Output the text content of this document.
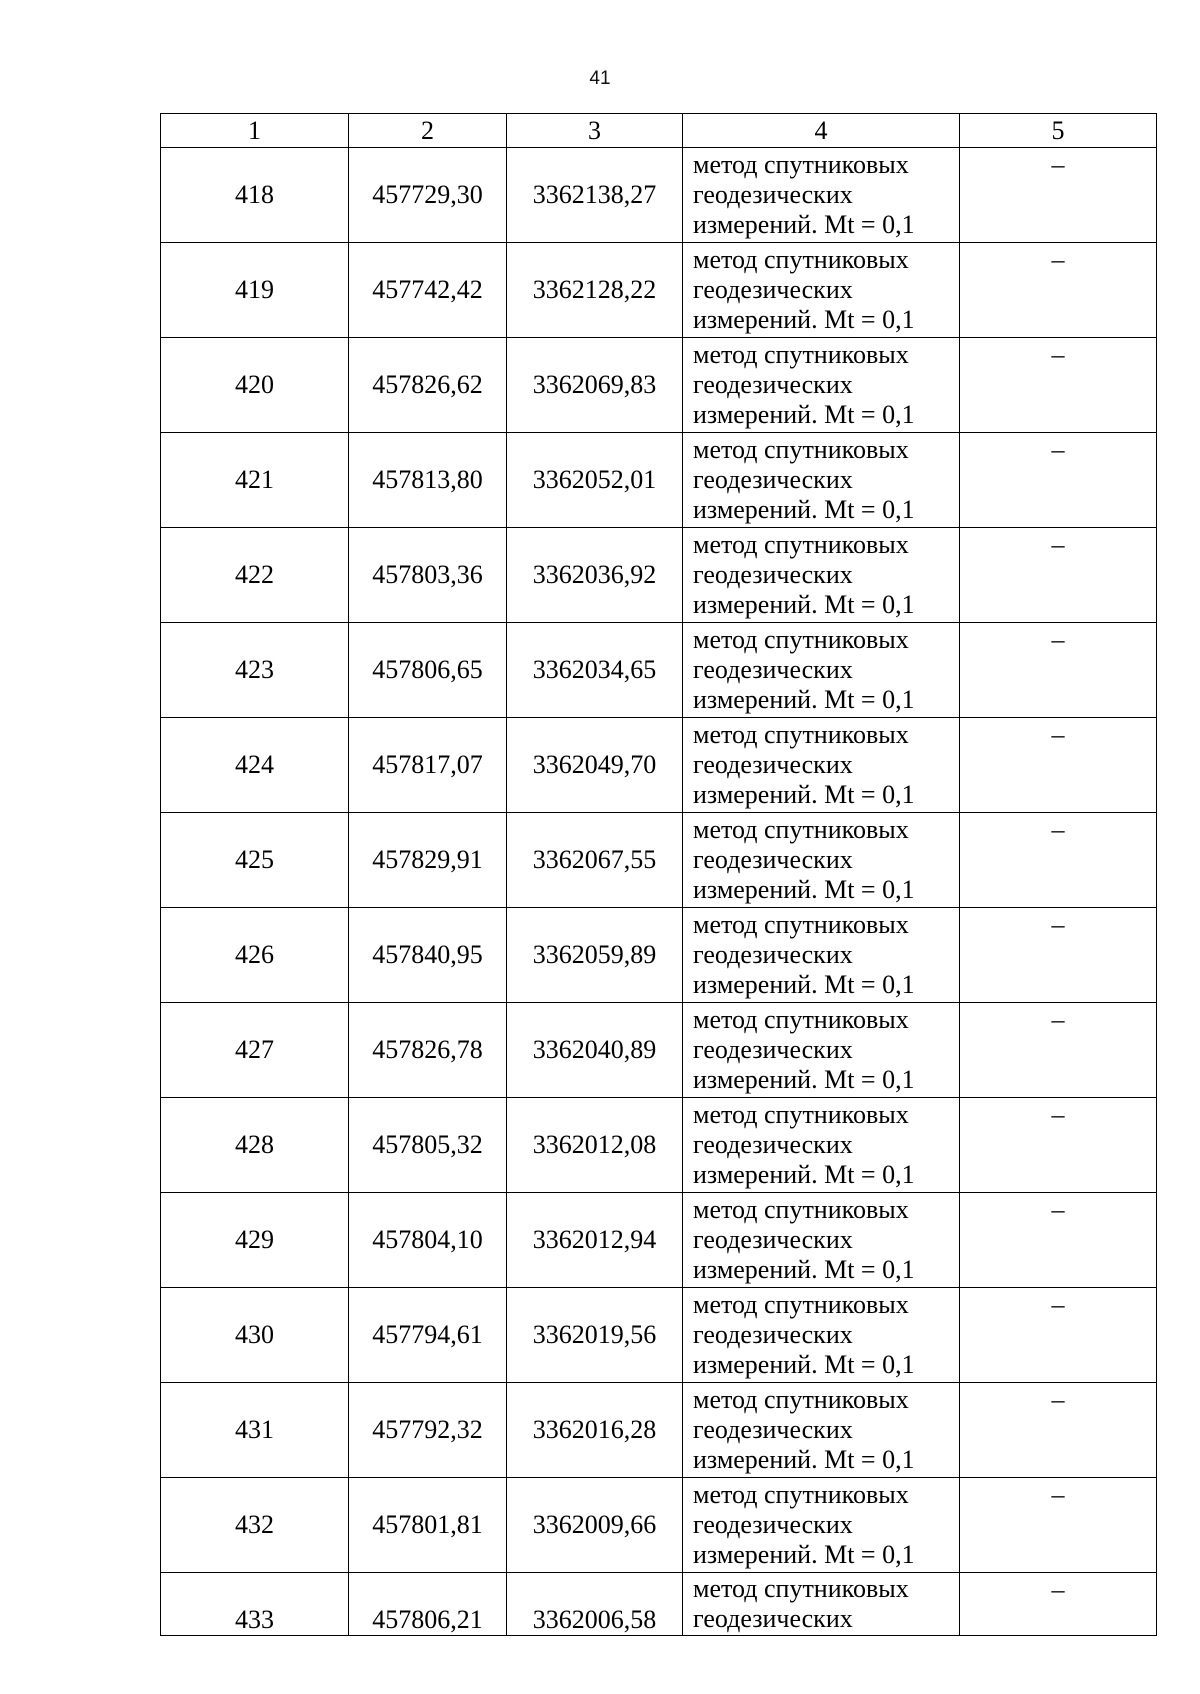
41
1	2	3	4	5
418	457729,30	3362138,27	метод спутниковых
геодезических
измерений. Mt = 0,1	–
419	457742,42	3362128,22	метод спутниковых
геодезических
измерений. Mt = 0,1	–
420	457826,62	3362069,83	метод спутниковых
геодезических
измерений. Mt = 0,1	–
421	457813,80	3362052,01	метод спутниковых
геодезических
измерений. Mt = 0,1	–
422	457803,36	3362036,92	метод спутниковых
геодезических
измерений. Mt = 0,1	–
423	457806,65	3362034,65	метод спутниковых
геодезических
измерений. Mt = 0,1	–
424	457817,07	3362049,70	метод спутниковых
геодезических
измерений. Mt = 0,1	–
425	457829,91	3362067,55	метод спутниковых
геодезических
измерений. Mt = 0,1	–
426	457840,95	3362059,89	метод спутниковых
геодезических
измерений. Mt = 0,1	–
427	457826,78	3362040,89	метод спутниковых
геодезических
измерений. Mt = 0,1	–
428	457805,32	3362012,08	метод спутниковых
геодезических
измерений. Mt = 0,1	–
429	457804,10	3362012,94	метод спутниковых
геодезических
измерений. Mt = 0,1	–
430	457794,61	3362019,56	метод спутниковых
геодезических
измерений. Mt = 0,1	–
431	457792,32	3362016,28	метод спутниковых
геодезических
измерений. Mt = 0,1	–
432	457801,81	3362009,66	метод спутниковых
геодезических
измерений. Mt = 0,1	–
433	457806,21	3362006,58	метод спутниковых
геодезических	–
